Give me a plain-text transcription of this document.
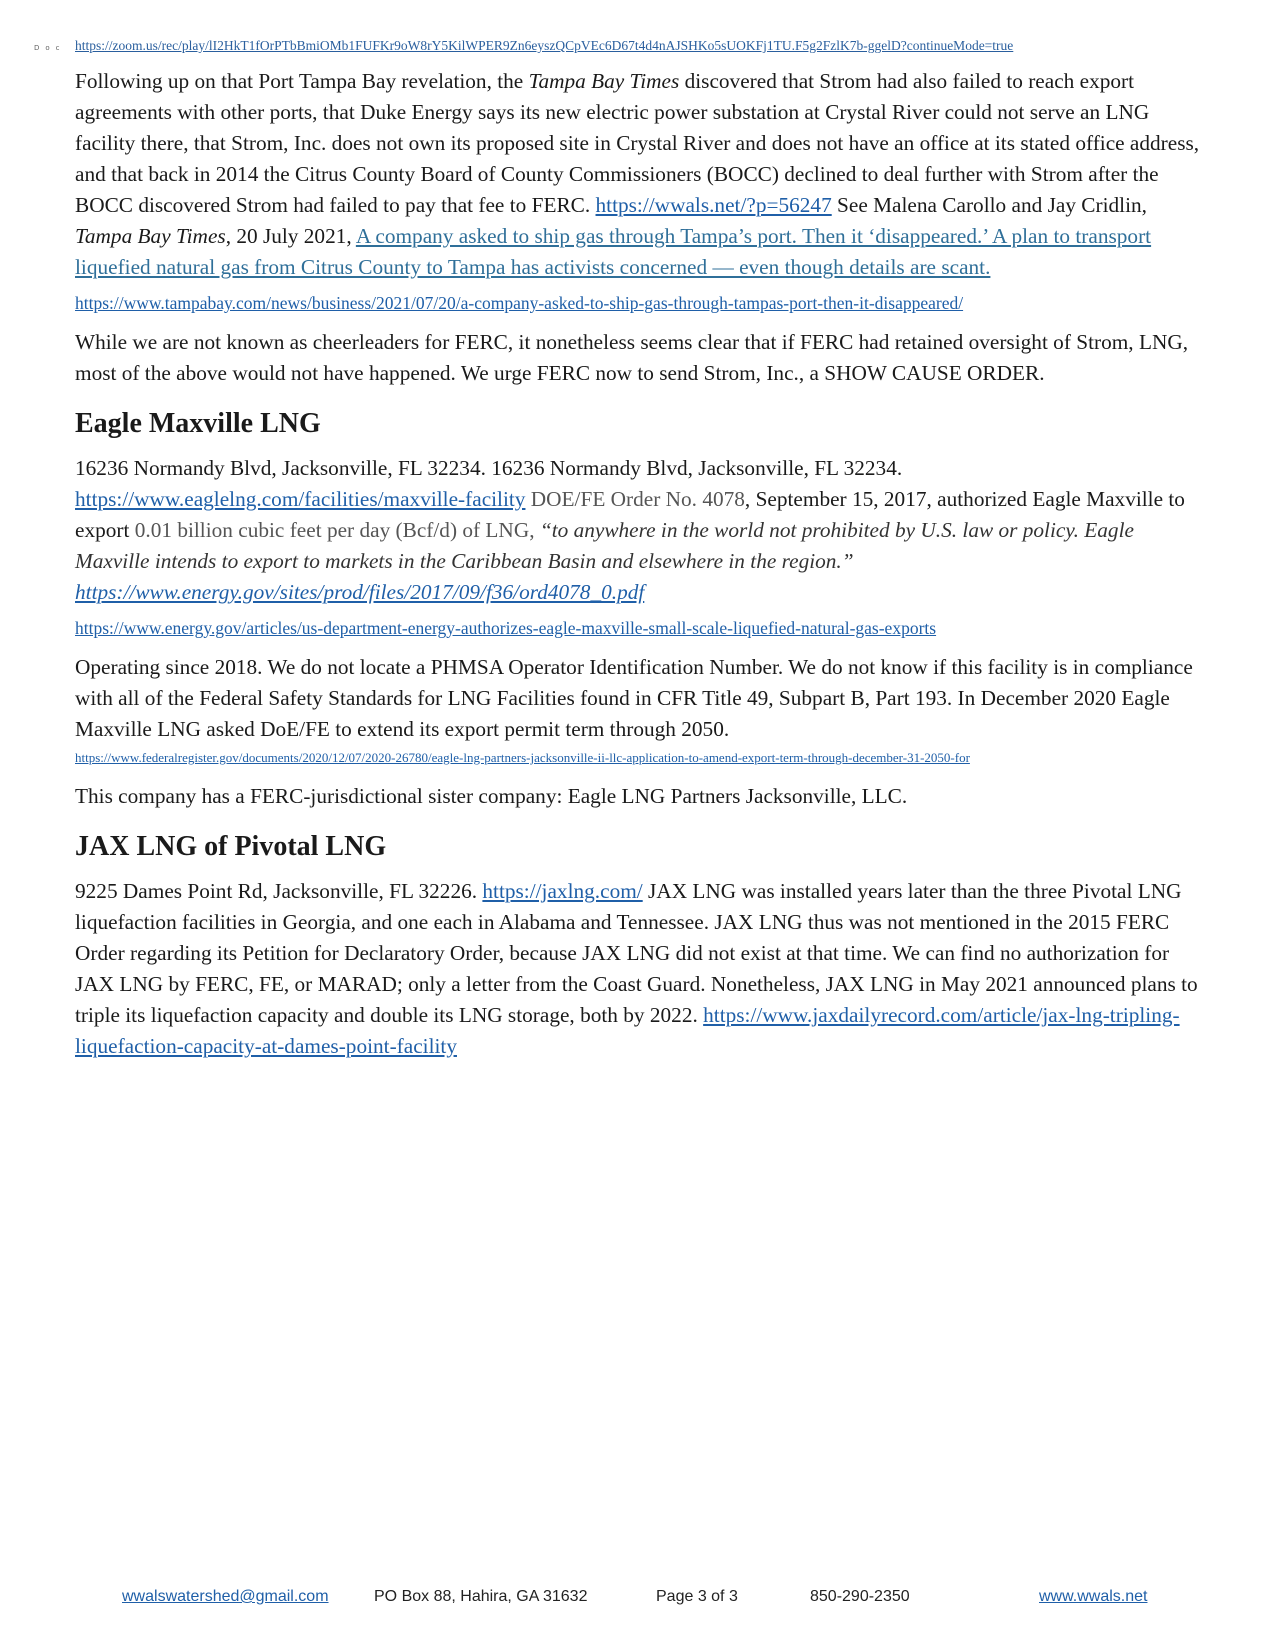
Doc https://zoom.us/rec/play/lI2HkT1fOrPTbBmiOMb1FUFKr9oW8rY5KilWPER9Zn6eyszQCpVEc6D67t4d4nAJSHKo5sUOKFj1TU.F5g2FzlK7b-ggelD?continueMode=true

Following up on that Port Tampa Bay revelation, the Tampa Bay Times discovered that Strom had also failed to reach export agreements with other ports, that Duke Energy says its new electric power substation at Crystal River could not serve an LNG facility there, that Strom, Inc. does not own its proposed site in Crystal River and does not have an office at its stated office address, and that back in 2014 the Citrus County Board of County Commissioners (BOCC) declined to deal further with Strom after the BOCC discovered Strom had failed to pay that fee to FERC. https://wwals.net/?p=56247 See Malena Carollo and Jay Cridlin, Tampa Bay Times, 20 July 2021, A company asked to ship gas through Tampa’s port. Then it ‘disappeared.’ A plan to transport liquefied natural gas from Citrus County to Tampa has activists concerned — even though details are scant.

https://www.tampabay.com/news/business/2021/07/20/a-company-asked-to-ship-gas-through-tampas-port-then-it-disappeared/

While we are not known as cheerleaders for FERC, it nonetheless seems clear that if FERC had retained oversight of Strom, LNG, most of the above would not have happened. We urge FERC now to send Strom, Inc., a SHOW CAUSE ORDER.

Eagle Maxville LNG

16236 Normandy Blvd, Jacksonville, FL 32234. 16236 Normandy Blvd, Jacksonville, FL 32234. https://www.eaglelng.com/facilities/maxville-facility DOE/FE Order No. 4078, September 15, 2017, authorized Eagle Maxville to export 0.01 billion cubic feet per day (Bcf/d) of LNG, “to anywhere in the world not prohibited by U.S. law or policy. Eagle Maxville intends to export to markets in the Caribbean Basin and elsewhere in the region.” https://www.energy.gov/sites/prod/files/2017/09/f36/ord4078_0.pdf

https://www.energy.gov/articles/us-department-energy-authorizes-eagle-maxville-small-scale-liquefied-natural-gas-exports

Operating since 2018. We do not locate a PHMSA Operator Identification Number. We do not know if this facility is in compliance with all of the Federal Safety Standards for LNG Facilities found in CFR Title 49, Subpart B, Part 193. In December 2020 Eagle Maxville LNG asked DoE/FE to extend its export permit term through 2050.

https://www.federalregister.gov/documents/2020/12/07/2020-26780/eagle-lng-partners-jacksonville-ii-llc-application-to-amend-export-term-through-december-31-2050-for

This company has a FERC-jurisdictional sister company: Eagle LNG Partners Jacksonville, LLC.

JAX LNG of Pivotal LNG

9225 Dames Point Rd, Jacksonville, FL 32226. https://jaxlng.com/ JAX LNG was installed years later than the three Pivotal LNG liquefaction facilities in Georgia, and one each in Alabama and Tennessee. JAX LNG thus was not mentioned in the 2015 FERC Order regarding its Petition for Declaratory Order, because JAX LNG did not exist at that time. We can find no authorization for JAX LNG by FERC, FE, or MARAD; only a letter from the Coast Guard. Nonetheless, JAX LNG in May 2021 announced plans to triple its liquefaction capacity and double its LNG storage, both by 2022. https://www.jaxdailyrecord.com/article/jax-lng-tripling-liquefaction-capacity-at-dames-point-facility

wwalswatershed@gmail.com	PO Box 88, Hahira, GA 31632	Page 3 of 3	850-290-2350	www.wwals.net
